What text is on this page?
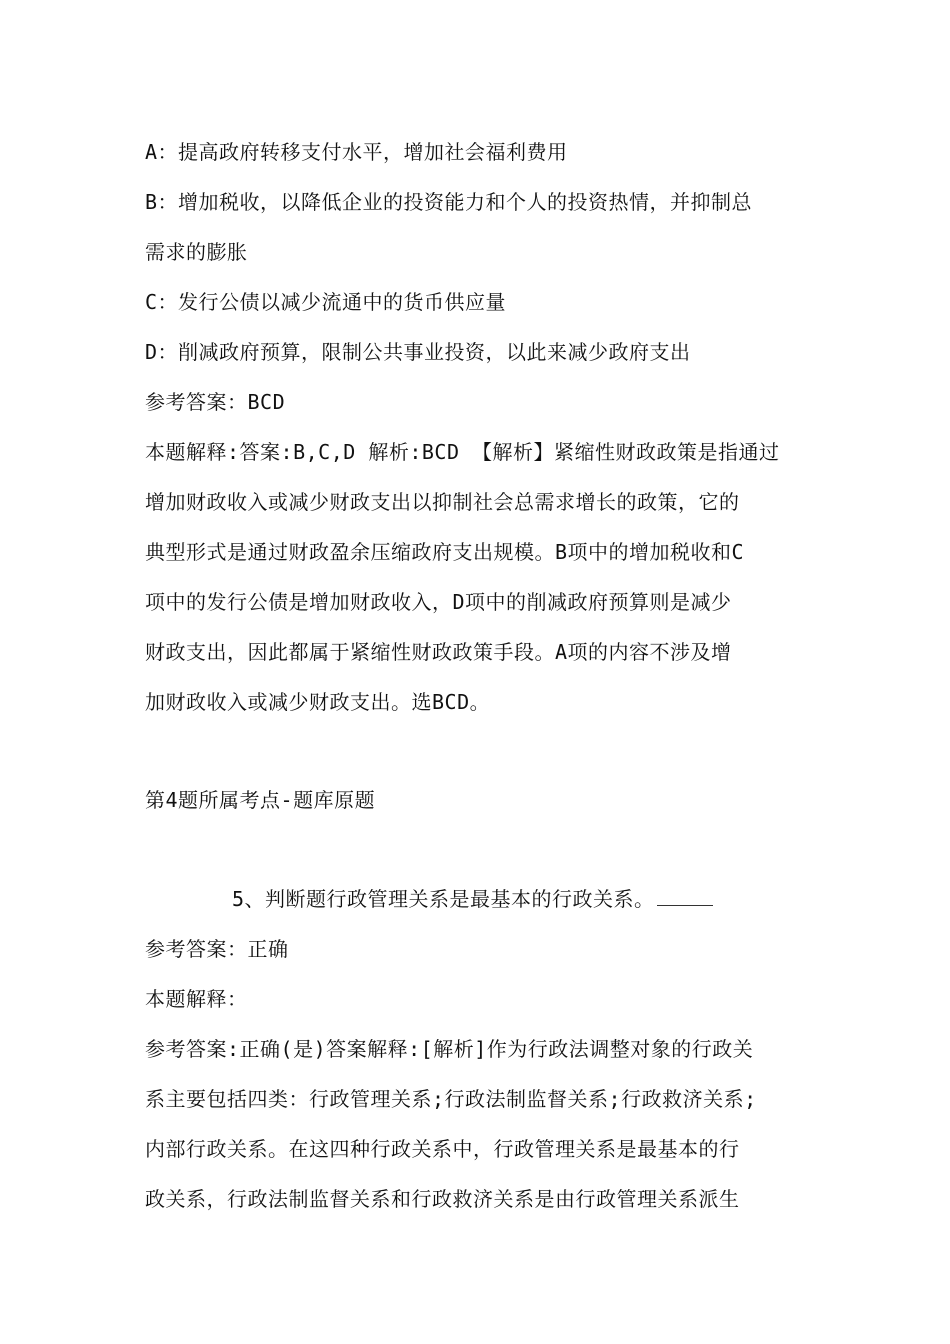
A：提高政府转移支付水平，增加社会福利费用
B：增加税收，以降低企业的投资能力和个人的投资热情，并抑制总
需求的膨胀
C：发行公债以减少流通中的货币供应量
D：削减政府预算，限制公共事业投资，以此来减少政府支出
参考答案：BCD
本题解释:答案:B,C,D 解析:BCD 【解析】紧缩性财政政策是指通过
增加财政收入或减少财政支出以抑制社会总需求增长的政策，它的
典型形式是通过财政盈余压缩政府支出规模。B项中的增加税收和C
项中的发行公债是增加财政收入，D项中的削减政府预算则是减少
财政支出，因此都属于紧缩性财政政策手段。A项的内容不涉及增
加财政收入或减少财政支出。选BCD。
第4题所属考点-题库原题
5、判断题行政管理关系是最基本的行政关系。
参考答案：正确
本题解释：
参考答案:正确(是)答案解释:[解析]作为行政法调整对象的行政关
系主要包括四类：行政管理关系;行政法制监督关系;行政救济关系;
内部行政关系。在这四种行政关系中，行政管理关系是最基本的行
政关系，行政法制监督关系和行政救济关系是由行政管理关系派生
